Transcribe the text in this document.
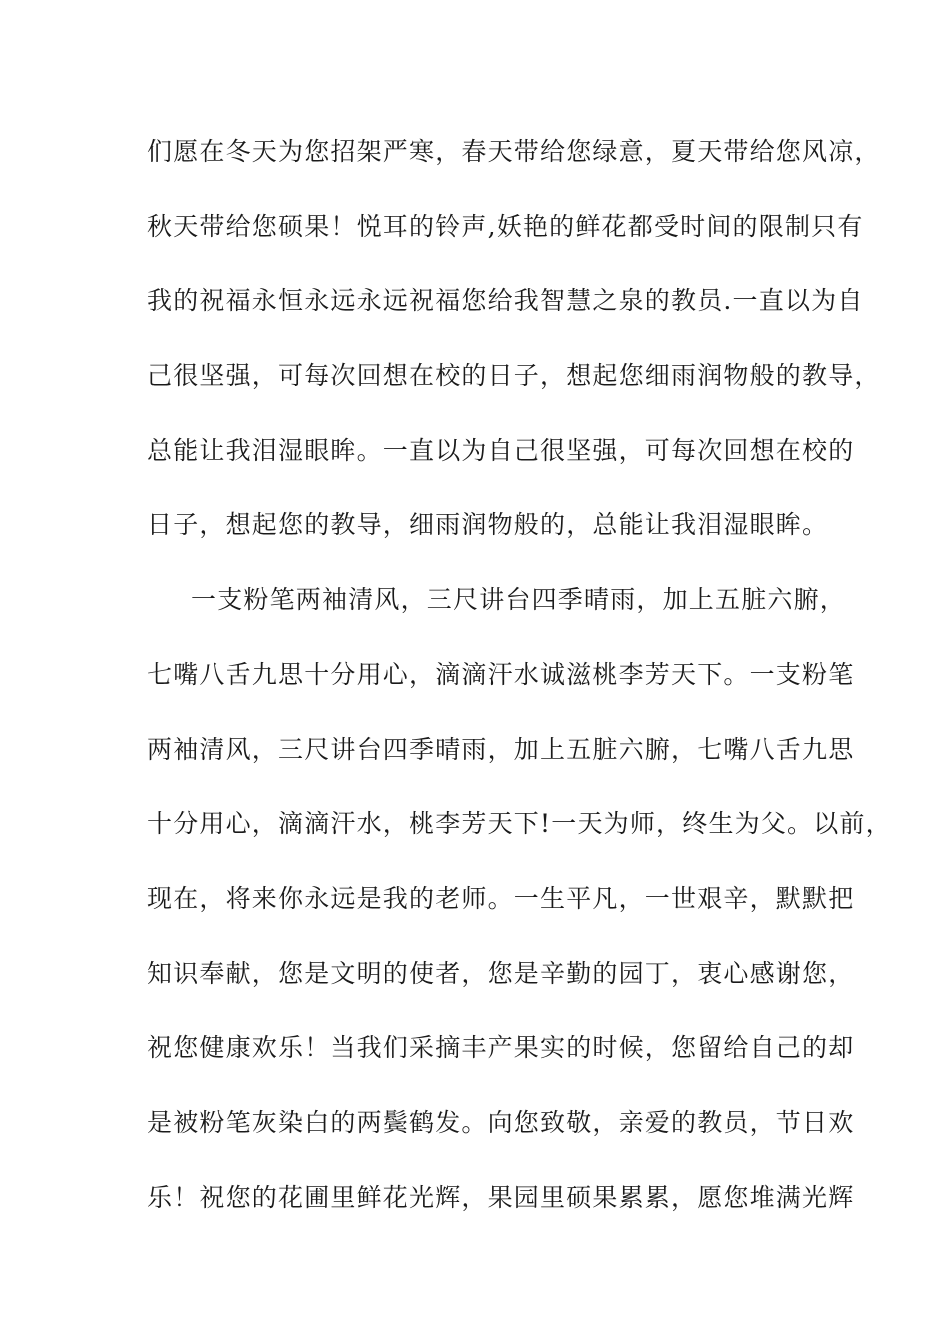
们愿在冬天为您招架严寒，春天带给您绿意，夏天带给您风凉，
秋天带给您硕果！悦耳的铃声,妖艳的鲜花都受时间的限制只有
我的祝福永恒永远永远祝福您给我智慧之泉的教员.一直以为自
己很坚强，可每次回想在校的日子，想起您细雨润物般的教导，
总能让我泪湿眼眸。一直以为自己很坚强，可每次回想在校的
日子，想起您的教导，细雨润物般的，总能让我泪湿眼眸。
一支粉笔两袖清风，三尺讲台四季晴雨，加上五脏六腑，
七嘴八舌九思十分用心，滴滴汗水诚滋桃李芳天下。一支粉笔
两袖清风，三尺讲台四季晴雨，加上五脏六腑，七嘴八舌九思
十分用心，滴滴汗水，桃李芳天下!一天为师，终生为父。以前，
现在，将来你永远是我的老师。一生平凡，一世艰辛，默默把
知识奉献，您是文明的使者，您是辛勤的园丁，衷心感谢您，
祝您健康欢乐！当我们采摘丰产果实的时候，您留给自己的却
是被粉笔灰染白的两鬓鹤发。向您致敬，亲爱的教员，节日欢
乐！祝您的花圃里鲜花光辉，果园里硕果累累，愿您堆满光辉
